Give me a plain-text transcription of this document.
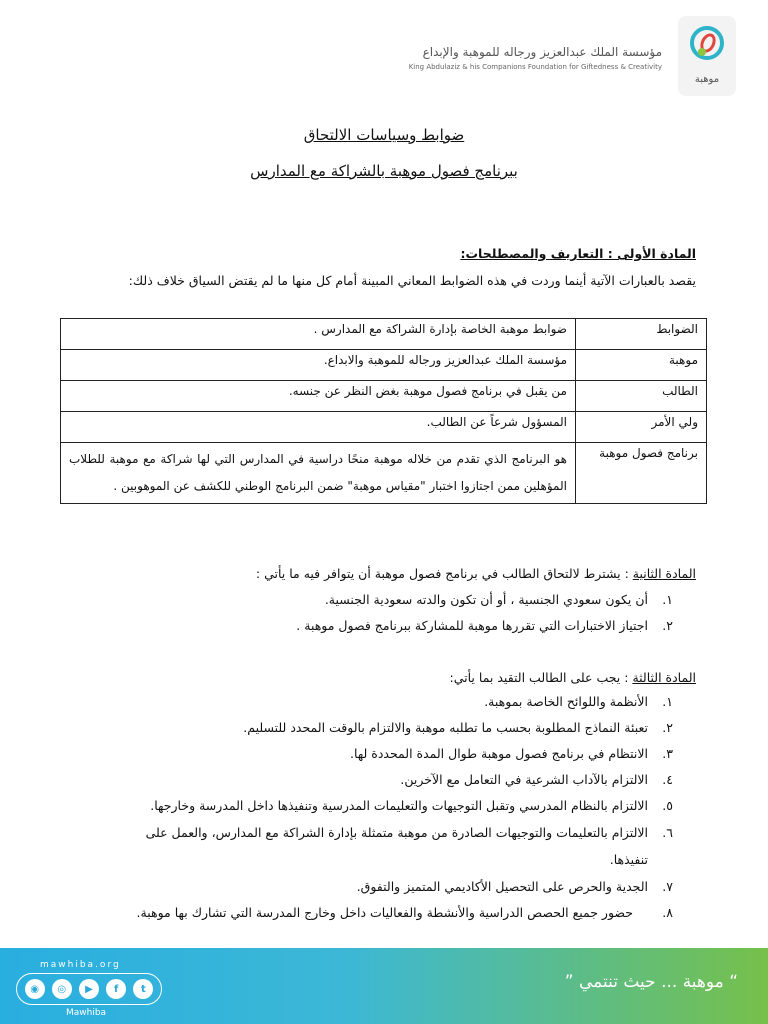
موهبة
مؤسسة الملك عبدالعزيز ورجاله للموهبة والإبداع
King Abdulaziz & his Companions Foundation for Giftedness & Creativity
ضوابط وسياسات الالتحاق
ببرنامج فصول موهبة بالشراكة مع المدارس
المادة الأولى : التعاريف والمصطلحات:
يقصد بالعبارات الآتية أينما وردت في هذه الضوابط المعاني المبينة أمام كل منها ما لم يقتض السياق خلاف ذلك:
الضوابط	ضوابط موهبة الخاصة بإدارة الشراكة مع المدارس .
موهبة	مؤسسة الملك عبدالعزيز ورجاله للموهبة والابداع.
الطالب	من يقبل في برنامج فصول موهبة بغض النظر عن جنسه.
ولي الأمر	المسؤول شرعاً عن الطالب.
برنامج فصول موهبة	هو البرنامج الذي تقدم من خلاله موهبة منحًا دراسية في المدارس التي لها شراكة مع موهبة للطلاب المؤهلين ممن اجتازوا اختبار "مقياس موهبة" ضمن البرنامج الوطني للكشف عن الموهوبين .
المادة الثانية : يشترط لالتحاق الطالب في برنامج فصول موهبة أن يتوافر فيه ما يأتي :
١.
أن يكون سعودي الجنسية ، أو أن تكون والدته سعودية الجنسية.
٢.
اجتياز الاختبارات التي تقررها موهبة للمشاركة ببرنامج فصول موهبة .
المادة الثالثة : يجب على الطالب التقيد بما يأتي:
١.
الأنظمة واللوائح الخاصة بموهبة.
٢.
تعبئة النماذج المطلوبة بحسب ما تطلبه موهبة والالتزام بالوقت المحدد للتسليم.
٣.
الانتظام في برنامج فصول موهبة طوال المدة المحددة لها.
٤.
الالتزام بالآداب الشرعية في التعامل مع الآخرين.
٥.
الالتزام بالنظام المدرسي وتقبل التوجيهات والتعليمات المدرسية وتنفيذها داخل المدرسة وخارجها.
٦.
الالتزام بالتعليمات والتوجيهات الصادرة من موهبة متمثلة بإدارة الشراكة مع المدارس، والعمل على
تنفيذها.
٧.
الجدية والحرص على التحصيل الأكاديمي المتميز والتفوق.
٨.
حضور جميع الحصص الدراسية والأنشطة والفعاليات داخل وخارج المدرسة التي تشارك بها موهبة.
mawhiba.org
◉	◎	▶	f	t
Mawhiba
“ موهبة ... حيث تنتمي ”
